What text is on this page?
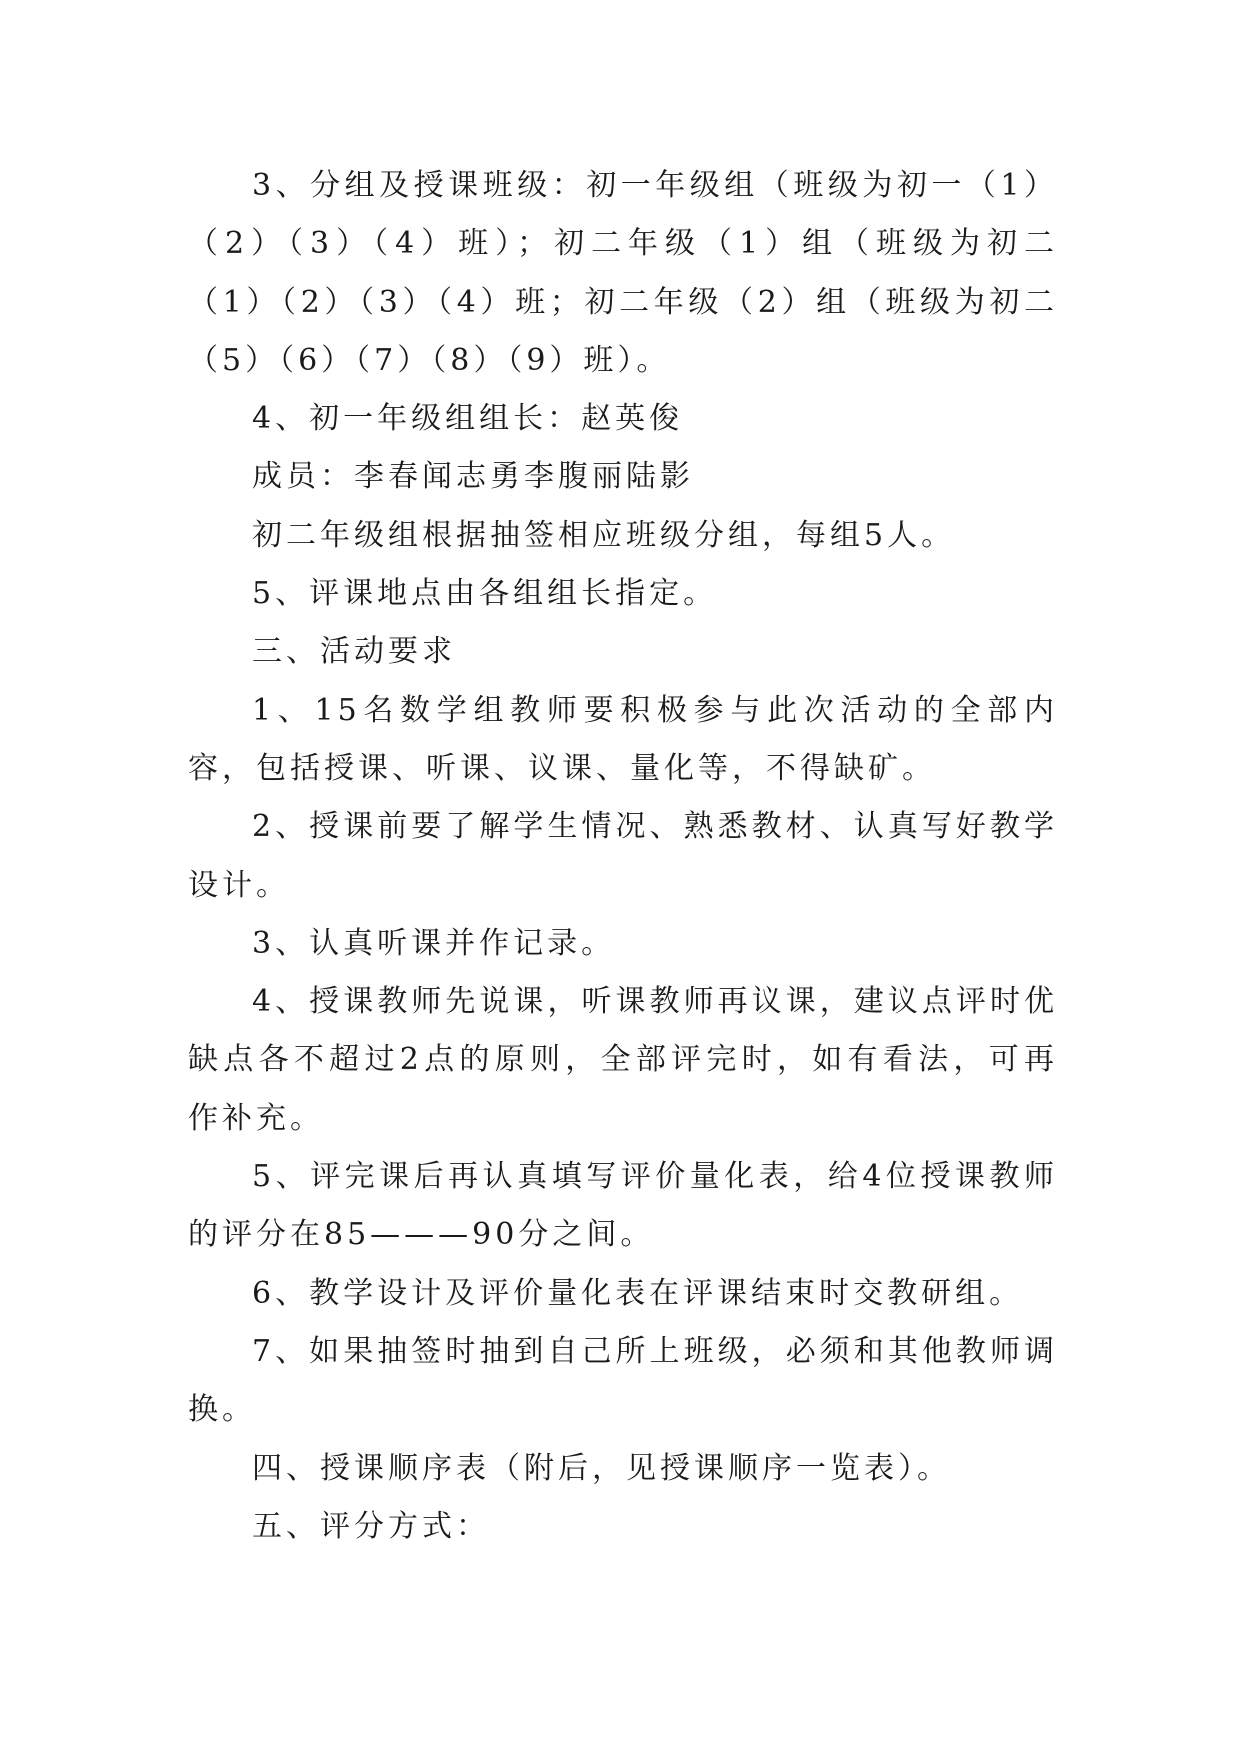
3、分组及授课班级：初一年级组（班级为初一（1）（2）（3）（4）班）；初二年级（1）组（班级为初二（1）（2）（3）（4）班；初二年级（2）组（班级为初二（5）（6）（7）（8）（9）班）。

4、初一年级组组长：赵英俊

成员：李春闻志勇李腹丽陆影

初二年级组根据抽签相应班级分组，每组5人。

5、评课地点由各组组长指定。

三、活动要求

1、15名数学组教师要积极参与此次活动的全部内容，包括授课、听课、议课、量化等，不得缺矿。

2、授课前要了解学生情况、熟悉教材、认真写好教学设计。

3、认真听课并作记录。

4、授课教师先说课，听课教师再议课，建议点评时优缺点各不超过2点的原则，全部评完时，如有看法，可再作补充。

5、评完课后再认真填写评价量化表，给4位授课教师的评分在85———90分之间。

6、教学设计及评价量化表在评课结束时交教研组。

7、如果抽签时抽到自己所上班级，必须和其他教师调换。

四、授课顺序表（附后，见授课顺序一览表）。

五、评分方式：
